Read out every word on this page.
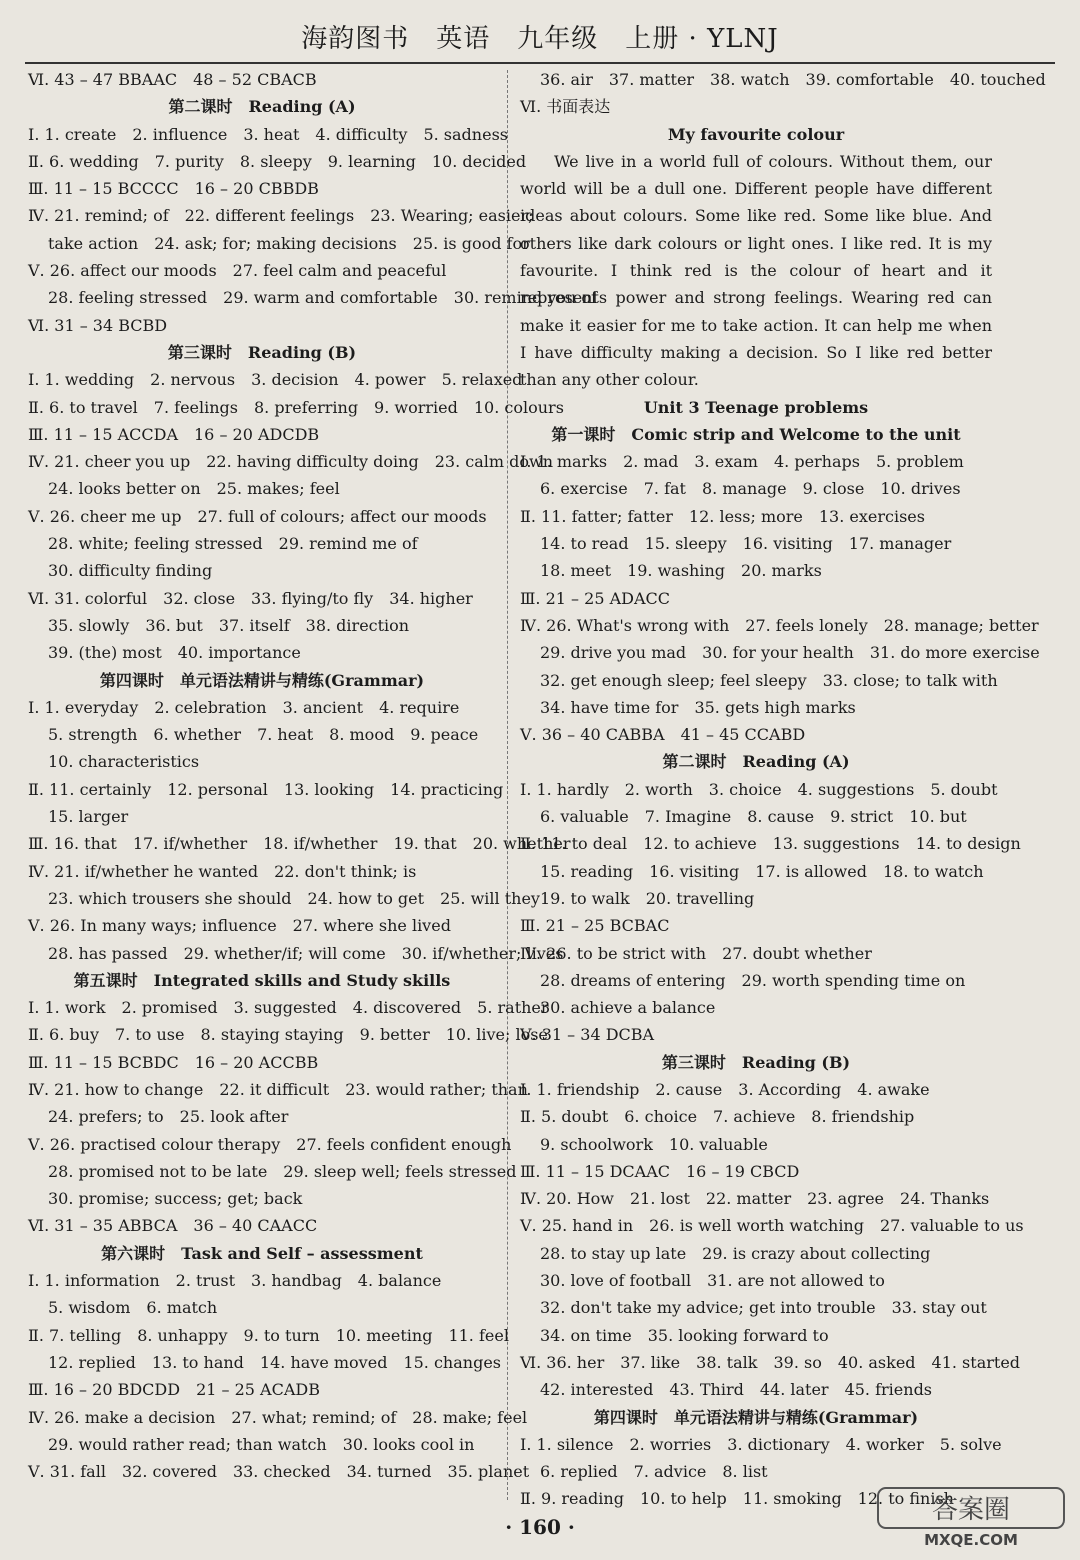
海韵图书　英语　九年级　上册 · YLNJ
Ⅵ. 43 – 47 BBAAC　48 – 52 CBACB
第二课时　Reading (A)
Ⅰ. 1. create　2. influence　3. heat　4. difficulty　5. sadness
Ⅱ. 6. wedding　7. purity　8. sleepy　9. learning　10. decided
Ⅲ. 11 – 15 BCCCC　16 – 20 CBBDB
Ⅳ. 21. remind; of　22. different feelings　23. Wearing; easier;
take action　24. ask; for; making decisions　25. is good for
Ⅴ. 26. affect our moods　27. feel calm and peaceful
28. feeling stressed　29. warm and comfortable　30. remind you of
Ⅵ. 31 – 34 BCBD
第三课时　Reading (B)
Ⅰ. 1. wedding　2. nervous　3. decision　4. power　5. relaxed
Ⅱ. 6. to travel　7. feelings　8. preferring　9. worried　10. colours
Ⅲ. 11 – 15 ACCDA　16 – 20 ADCDB
Ⅳ. 21. cheer you up　22. having difficulty doing　23. calm down
24. looks better on　25. makes; feel
Ⅴ. 26. cheer me up　27. full of colours; affect our moods
28. white; feeling stressed　29. remind me of
30. difficulty finding
Ⅵ. 31. colorful　32. close　33. flying/to fly　34. higher
35. slowly　36. but　37. itself　38. direction
39. (the) most　40. importance
第四课时　单元语法精讲与精练(Grammar)
Ⅰ. 1. everyday　2. celebration　3. ancient　4. require
5. strength　6. whether　7. heat　8. mood　9. peace
10. characteristics
Ⅱ. 11. certainly　12. personal　13. looking　14. practicing
15. larger
Ⅲ. 16. that　17. if/whether　18. if/whether　19. that　20. whether
Ⅳ. 21. if/whether he wanted　22. don't think; is
23. which trousers she should　24. how to get　25. will they
Ⅴ. 26. In many ways; influence　27. where she lived
28. has passed　29. whether/if; will come　30. if/whether; lives
第五课时　Integrated skills and Study skills
Ⅰ. 1. work　2. promised　3. suggested　4. discovered　5. rather
Ⅱ. 6. buy　7. to use　8. staying staying　9. better　10. live; lose
Ⅲ. 11 – 15 BCBDC　16 – 20 ACCBB
Ⅳ. 21. how to change　22. it difficult　23. would rather; than
24. prefers; to　25. look after
Ⅴ. 26. practised colour therapy　27. feels confident enough
28. promised not to be late　29. sleep well; feels stressed
30. promise; success; get; back
Ⅵ. 31 – 35 ABBCA　36 – 40 CAACC
第六课时　Task and Self – assessment
Ⅰ. 1. information　2. trust　3. handbag　4. balance
5. wisdom　6. match
Ⅱ. 7. telling　8. unhappy　9. to turn　10. meeting　11. feel
12. replied　13. to hand　14. have moved　15. changes
Ⅲ. 16 – 20 BDCDD　21 – 25 ACADB
Ⅳ. 26. make a decision　27. what; remind; of　28. make; feel
29. would rather read; than watch　30. looks cool in
Ⅴ. 31. fall　32. covered　33. checked　34. turned　35. planet
36. air　37. matter　38. watch　39. comfortable　40. touched
Ⅵ. 书面表达
My favourite colour

We live in a world full of colours. Without them, our world will be a dull one. Different people have different ideas about colours. Some like red. Some like blue. And others like dark colours or light ones. I like red. It is my favourite. I think red is the colour of heart and it represents power and strong feelings. Wearing red can make it easier for me to take action. It can help me when I have difficulty making a decision. So I like red better than any other colour.

Unit 3 Teenage problems
第一课时　Comic strip and Welcome to the unit
Ⅰ. 1. marks　2. mad　3. exam　4. perhaps　5. problem
6. exercise　7. fat　8. manage　9. close　10. drives
Ⅱ. 11. fatter; fatter　12. less; more　13. exercises
14. to read　15. sleepy　16. visiting　17. manager
18. meet　19. washing　20. marks
Ⅲ. 21 – 25 ADACC
Ⅳ. 26. What's wrong with　27. feels lonely　28. manage; better
29. drive you mad　30. for your health　31. do more exercise
32. get enough sleep; feel sleepy　33. close; to talk with
34. have time for　35. gets high marks
Ⅴ. 36 – 40 CABBA　41 – 45 CCABD
第二课时　Reading (A)
Ⅰ. 1. hardly　2. worth　3. choice　4. suggestions　5. doubt
6. valuable　7. Imagine　8. cause　9. strict　10. but
Ⅱ. 11. to deal　12. to achieve　13. suggestions　14. to design
15. reading　16. visiting　17. is allowed　18. to watch
19. to walk　20. travelling
Ⅲ. 21 – 25 BCBAC
Ⅳ. 26. to be strict with　27. doubt whether
28. dreams of entering　29. worth spending time on
30. achieve a balance
Ⅴ. 31 – 34 DCBA
第三课时　Reading (B)
Ⅰ. 1. friendship　2. cause　3. According　4. awake
Ⅱ. 5. doubt　6. choice　7. achieve　8. friendship
9. schoolwork　10. valuable
Ⅲ. 11 – 15 DCAAC　16 – 19 CBCD
Ⅳ. 20. How　21. lost　22. matter　23. agree　24. Thanks
Ⅴ. 25. hand in　26. is well worth watching　27. valuable to us
28. to stay up late　29. is crazy about collecting
30. love of football　31. are not allowed to
32. don't take my advice; get into trouble　33. stay out
34. on time　35. looking forward to
Ⅵ. 36. her　37. like　38. talk　39. so　40. asked　41. started
42. interested　43. Third　44. later　45. friends
第四课时　单元语法精讲与精练(Grammar)
Ⅰ. 1. silence　2. worries　3. dictionary　4. worker　5. solve
6. replied　7. advice　8. list
Ⅱ. 9. reading　10. to help　11. smoking　12. to finish
· 160 ·
答案圈
MXQE.COM
